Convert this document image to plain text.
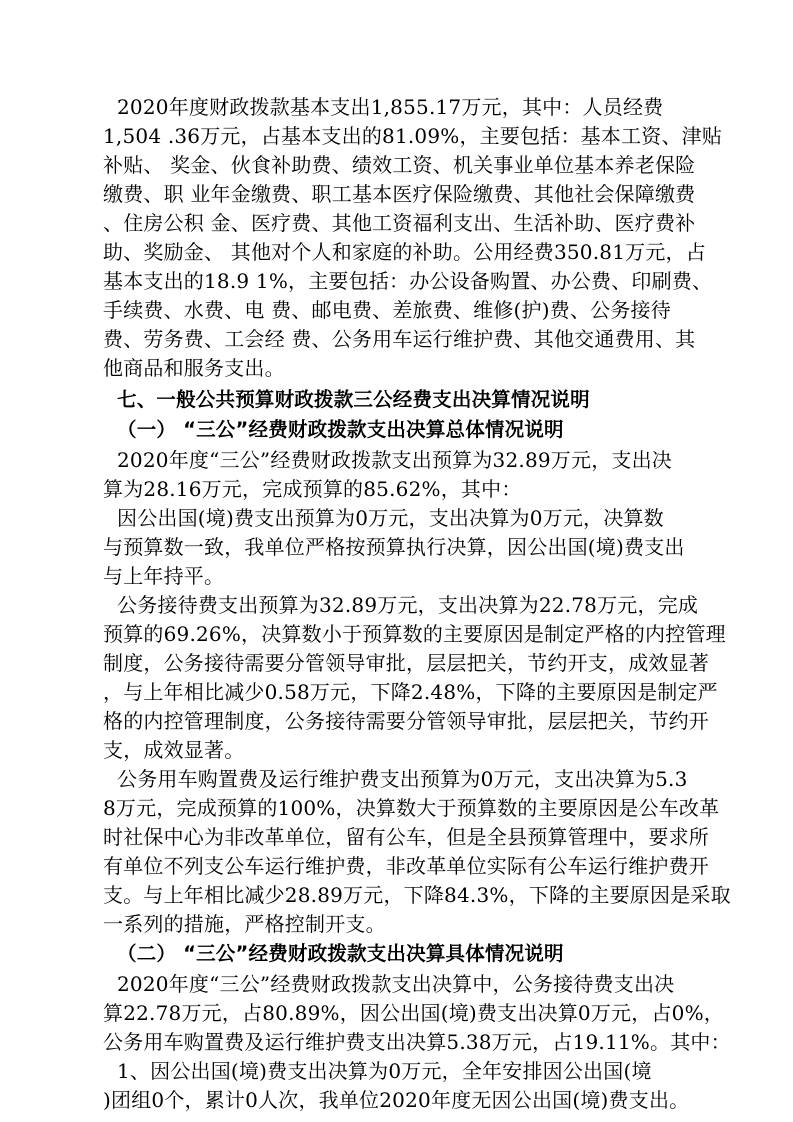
2020年度财政拨款基本支出1,855.17万元，其中：人员经费
1,504 .36万元，占基本支出的81.09%，主要包括：基本工资、津贴
补贴、 奖金、伙食补助费、绩效工资、机关事业单位基本养老保险
缴费、职 业年金缴费、职工基本医疗保险缴费、其他社会保障缴费
、住房公积 金、医疗费、其他工资福利支出、生活补助、医疗费补
助、奖励金、 其他对个人和家庭的补助。公用经费350.81万元，占
基本支出的18.9 1%，主要包括：办公设备购置、办公费、印刷费、
手续费、水费、电 费、邮电费、差旅费、维修(护)费、公务接待
费、劳务费、工会经 费、公务用车运行维护费、其他交通费用、其
他商品和服务支出。
七、一般公共预算财政拨款三公经费支出决算情况说明
（一） “三公”经费财政拨款支出决算总体情况说明
2020年度“三公”经费财政拨款支出预算为32.89万元，支出决
算为28.16万元，完成预算的85.62%，其中：
因公出国(境)费支出预算为0万元，支出决算为0万元，决算数
与预算数一致，我单位严格按预算执行决算，因公出国(境)费支出
与上年持平。
公务接待费支出预算为32.89万元，支出决算为22.78万元，完成
预算的69.26%，决算数小于预算数的主要原因是制定严格的内控管理
制度，公务接待需要分管领导审批，层层把关，节约开支，成效显著
，与上年相比减少0.58万元，下降2.48%，下降的主要原因是制定严
格的内控管理制度，公务接待需要分管领导审批，层层把关，节约开
支，成效显著。
公务用车购置费及运行维护费支出预算为0万元，支出决算为5.3
8万元，完成预算的100%，决算数大于预算数的主要原因是公车改革
时社保中心为非改革单位，留有公车，但是全县预算管理中，要求所
有单位不列支公车运行维护费，非改革单位实际有公车运行维护费开
支。与上年相比减少28.89万元，下降84.3%，下降的主要原因是采取
一系列的措施，严格控制开支。
（二） “三公”经费财政拨款支出决算具体情况说明
2020年度“三公”经费财政拨款支出决算中，公务接待费支出决
算22.78万元，占80.89%，因公出国(境)费支出决算0万元，占0%，
公务用车购置费及运行维护费支出决算5.38万元，占19.11%。其中：
1、因公出国(境)费支出决算为0万元，全年安排因公出国(境
)团组0个，累计0人次，我单位2020年度无因公出国(境)费支出。
